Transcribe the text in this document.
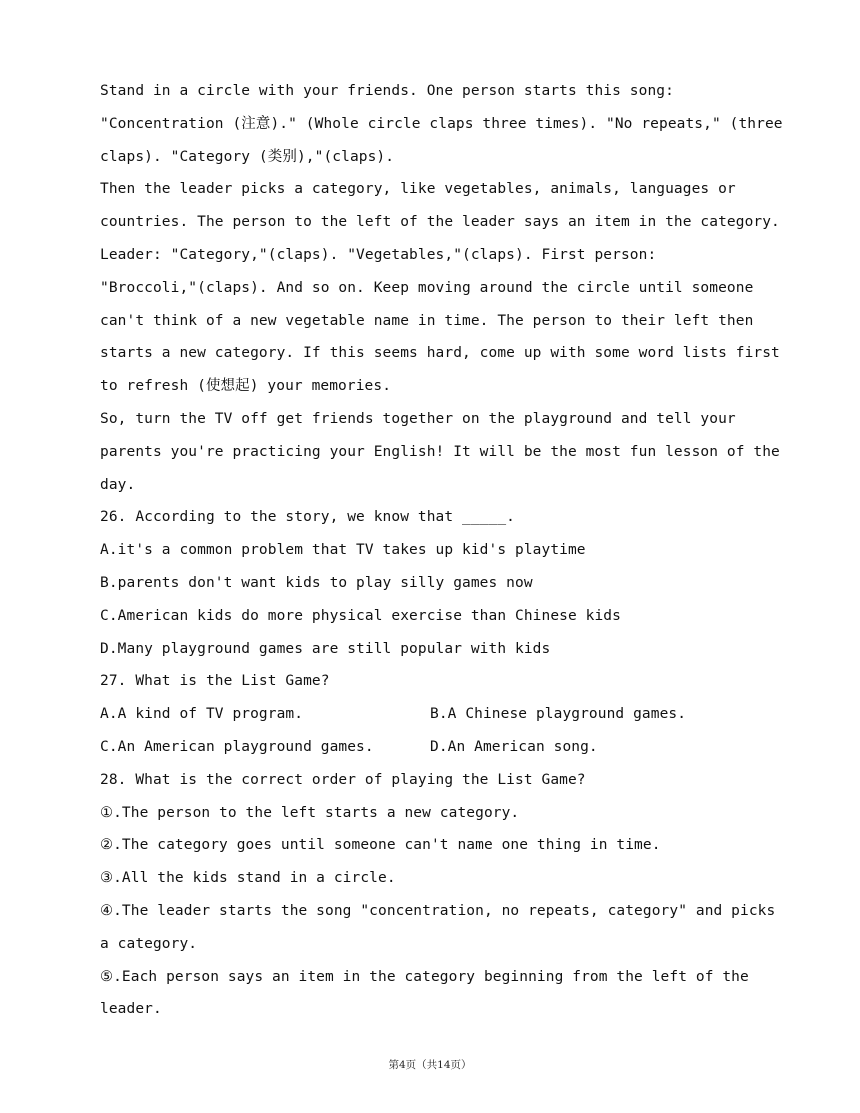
Stand in a circle with your friends. One person starts this song:
"Concentration (注意)." (Whole circle claps three times). "No repeats," (three
claps). "Category (类别),"(claps).
Then the leader picks a category, like vegetables, animals, languages or
countries. The person to the left of the leader says an item in the category.
Leader: "Category,"(claps). "Vegetables,"(claps). First person:
"Broccoli,"(claps). And so on. Keep moving around the circle until someone
can't think of a new vegetable name in time. The person to their left then
starts a new category. If this seems hard, come up with some word lists first
to refresh (使想起) your memories.
So, turn the TV off get friends together on the playground and tell your
parents you're practicing your English! It will be the most fun lesson of the
day.
26. According to the story, we know that _____.
A.it's a common problem that TV takes up kid's playtime
B.parents don't want kids to play silly games now
C.American kids do more physical exercise than Chinese kids
D.Many playground games are still popular with kids
27. What is the List Game?
A.A kind of TV program.	B.A Chinese playground games.
C.An American playground games.	D.An American song.
28. What is the correct order of playing the List Game?
①.The person to the left starts a new category.
②.The category goes until someone can't name one thing in time.
③.All the kids stand in a circle.
④.The leader starts the song "concentration, no repeats, category" and picks
a category.
⑤.Each person says an item in the category beginning from the left of the
leader.
第4页（共14页）
